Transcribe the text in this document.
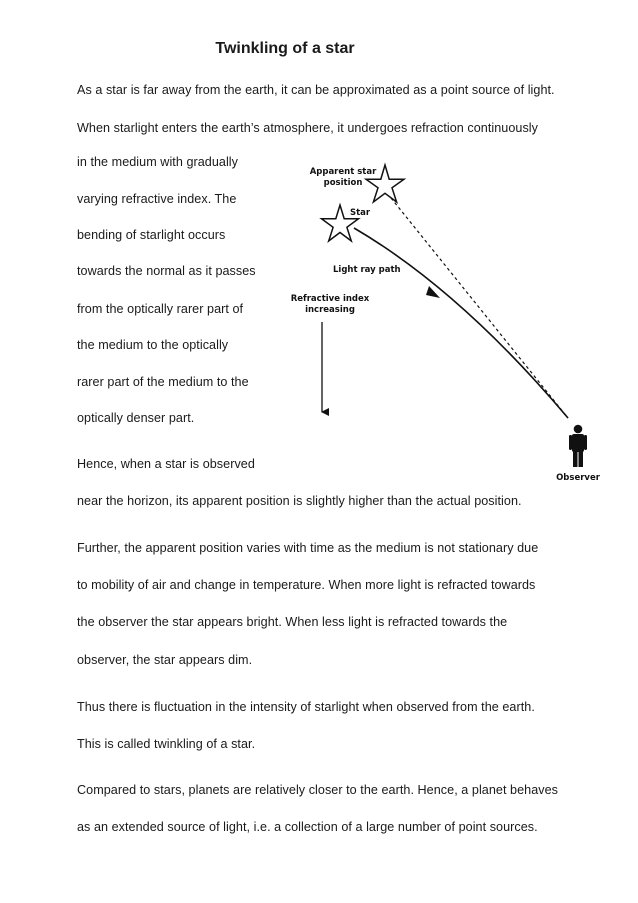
Twinkling of a star
As a star is far away from the earth, it can be approximated as a point source of light.
When starlight enters the earth’s atmosphere, it undergoes refraction continuously
in the medium with gradually
varying refractive index. The
bending of starlight occurs
towards the normal as it passes
from the optically rarer part of
the medium to the optically
rarer part of the medium to the
optically denser part.
Hence, when a star is observed
near the horizon, its apparent position is slightly higher than the actual position.
Further, the apparent position varies with time as the medium is not stationary due
to mobility of air and change in temperature. When more light is refracted towards
the observer the star appears bright. When less light is refracted towards the
observer, the star appears dim.
Thus there is fluctuation in the intensity of starlight when observed from the earth.
This is called twinkling of a star.
Compared to stars, planets are relatively closer to the earth. Hence, a planet behaves
as an extended source of light, i.e. a collection of a large number of point sources.
Apparent star
position
Star
Light ray path
Refractive index
increasing
Observer
